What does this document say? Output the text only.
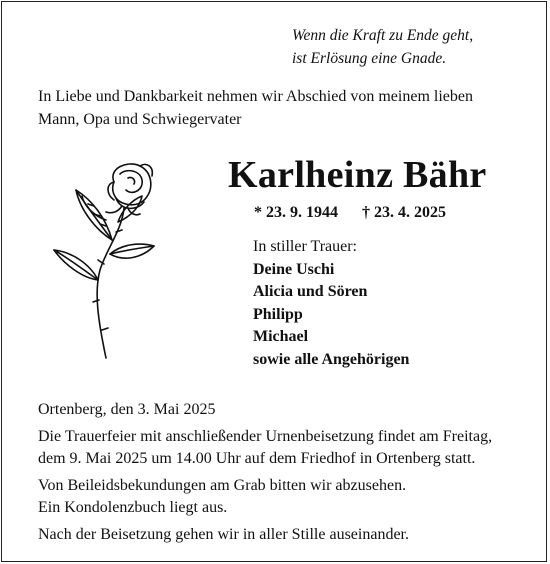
Wenn die Kraft zu Ende geht,
ist Erlösung eine Gnade.
In Liebe und Dankbarkeit nehmen wir Abschied von meinem lieben
Mann, Opa und Schwiegervater
Karlheinz Bähr
* 23. 9. 1944 † 23. 4. 2025
In stiller Trauer:
Deine Uschi
Alicia und Sören
Philipp
Michael
sowie alle Angehörigen

Ortenberg, den 3. Mai 2025

Die Trauerfeier mit anschließender Urnenbeisetzung findet am Freitag,

dem 9. Mai 2025 um 14.00 Uhr auf dem Friedhof in Ortenberg statt.

Von Beileidsbekundungen am Grab bitten wir abzusehen.

Ein Kondolenzbuch liegt aus.

Nach der Beisetzung gehen wir in aller Stille auseinander.
